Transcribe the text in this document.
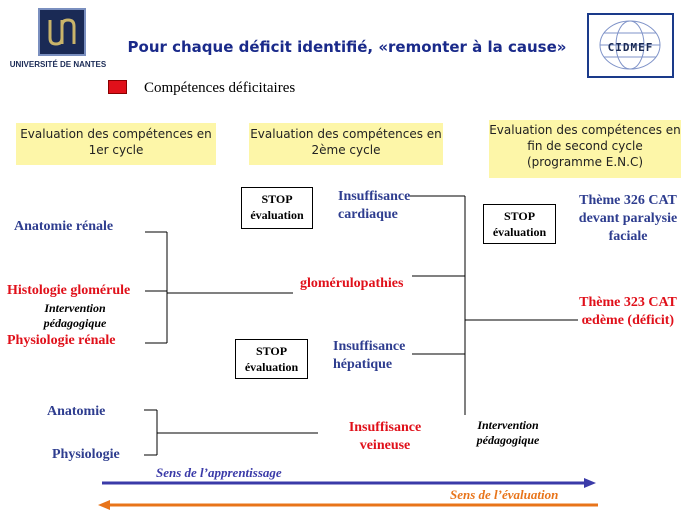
UNIVERSITÉ DE NANTES
CIDMEF
Pour chaque déficit identifié, «remonter à la cause»
Compétences déficitaires
Evaluation des compétences en 1er cycle
Evaluation des compétences en 2ème cycle
Evaluation des compétences en fin de second cycle (programme E.N.C)
Anatomie rénale
Histologie glomérule
Intervention pédagogique
Physiologie rénale
Anatomie
Physiologie
STOP évaluation
STOP évaluation
STOP évaluation
Insuffisance cardiaque
glomérulopathies
Insuffisance hépatique
Insuffisance veineuse
Intervention pédagogique
Thème 326 CAT devant paralysie faciale
Thème 323 CAT œdème (déficit)
Sens de l’apprentissage
Sens de l’évaluation
